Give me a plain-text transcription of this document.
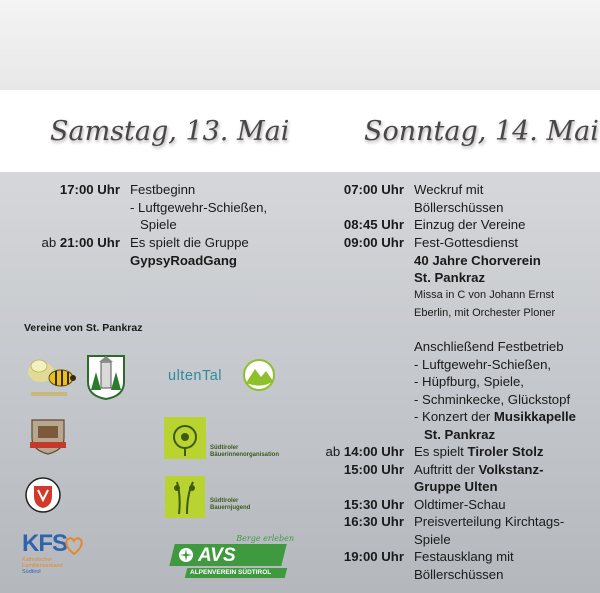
Samstag, 13. Mai	Sonntag, 14. Mai
17:00 Uhr Festbeginn
- Luftgewehr-Schießen,
Spiele
ab 21:00 Uhr Es spielt die Gruppe
GypsyRoadGang
Vereine von St. Pankraz
ultenTal
Südtiroler
Bäuerinnenorganisation
Südtiroler
Bauernjugend
KFS
Katholischer
Familienverband
Südtirol
Berge erleben
AVS
ALPENVEREIN SÜDTIROL
07:00 Uhr Weckruf mit
Böllerschüssen
08:45 Uhr Einzug der Vereine
09:00 Uhr Fest-Gottesdienst
40 Jahre Chorverein
St. Pankraz
Missa in C von Johann Ernst
Eberlin, mit Orchester Ploner
Anschließend Festbetrieb
- Luftgewehr-Schießen,
- Hüpfburg, Spiele,
- Schminkecke, Glückstopf
- Konzert der Musikkapelle
St. Pankraz
ab 14:00 Uhr Es spielt Tiroler Stolz
15:00 Uhr Auftritt der Volkstanz-
Gruppe Ulten
15:30 Uhr Oldtimer-Schau
16:30 Uhr Preisverteilung Kirchtags-
Spiele
19:00 Uhr Festausklang mit
Böllerschüssen
